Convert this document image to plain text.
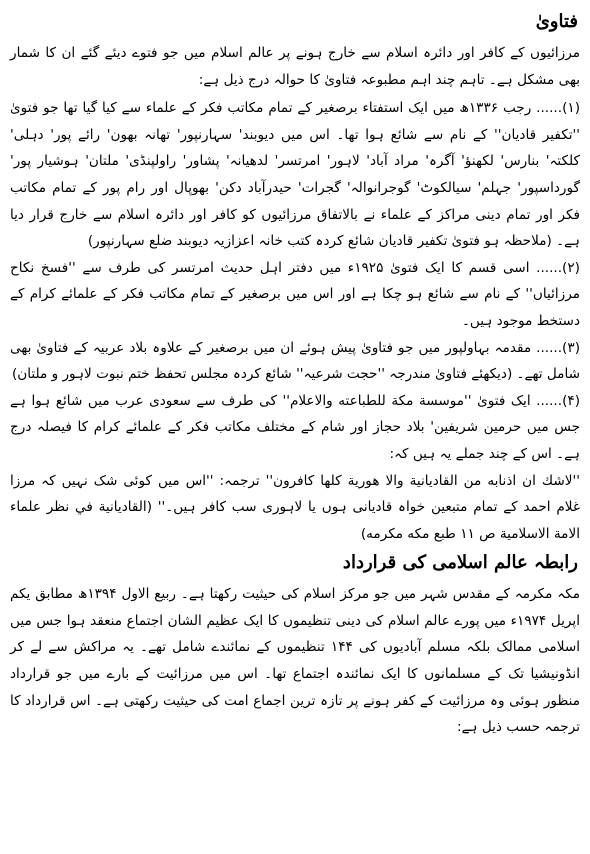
فتاویٰ

مرزائیوں کے کافر اور دائرہ اسلام سے خارج ہونے پر عالم اسلام میں جو فتوے دیئے گئے ان کا شمار بھی مشکل ہے۔ تاہم چند اہم مطبوعہ فتاویٰ کا حوالہ درج ذیل ہے:

(۱)...... رجب ۱۳۳۶ھ میں ایک استفتاء برصغیر کے تمام مکاتب فکر کے علماء سے کیا گیا تھا جو فتویٰ ''تکفیر قادیان'' کے نام سے شائع ہوا تھا۔ اس میں دیوبند' سہارنپور' تھانہ بھون' رائے پور' دہلی' کلکتہ' بنارس' لکھنؤ' آگرہ' مراد آباد' لاہور' امرتسر' لدھیانہ' پشاور' راولپنڈی' ملتان' ہوشیار پور' گورداسپور' جہلم' سیالکوٹ' گوجرانوالہ' گجرات' حیدرآباد دکن' بھوپال اور رام پور کے تمام مکاتب فکر اور تمام دینی مراکز کے علماء نے بالاتفاق مرزائیوں کو کافر اور دائرہ اسلام سے خارج قرار دیا ہے۔ (ملاحظہ ہو فتویٰ تکفیر قادیان شائع کردہ کتب خانہ اعزازیہ دیوبند ضلع سہارنپور)

(۲)...... اسی قسم کا ایک فتویٰ ۱۹۲۵ء میں دفتر اہل حدیث امرتسر کی طرف سے ''فسخ نکاح مرزائیاں'' کے نام سے شائع ہو چکا ہے اور اس میں برصغیر کے تمام مکاتب فکر کے علمائے کرام کے دستخط موجود ہیں۔

(۳)...... مقدمہ بہاولپور میں جو فتاویٰ پیش ہوئے ان میں برصغیر کے علاوہ بلاد عربیہ کے فتاویٰ بھی شامل تھے۔ (دیکھئے فتاویٰ مندرجہ ''حجت شرعیہ'' شائع کردہ مجلس تحفظ ختم نبوت لاہور و ملتان)

(۴)...... ایک فتویٰ ''موسسة مكة للطباعته والاعلام'' کی طرف سے سعودی عرب میں شائع ہوا ہے جس میں حرمین شریفین' بلاد حجاز اور شام کے مختلف مکاتب فکر کے علمائے کرام کا فیصلہ درج ہے۔ اس کے چند جملے یہ ہیں کہ:

''لاشك ان اذنابه من القاديانية والا هورية كلها كافرون'' ترجمہ: ''اس میں کوئی شک نہیں کہ مرزا غلام احمد کے تمام متبعین خواہ قادیانی ہوں یا لاہوری سب کافر ہیں۔'' (القاديانية في نظر علماء الامة الاسلامية ص ۱۱ طبع مكه مكرمه)

رابطہ عالم اسلامی کی قرارداد

مکہ مکرمہ کے مقدس شہر میں جو مرکز اسلام کی حیثیت رکھتا ہے۔ ربیع الاول ۱۳۹۴ھ مطابق یکم اپریل ۱۹۷۴ء میں پورے عالم اسلام کی دینی تنظیموں کا ایک عظیم الشان اجتماع منعقد ہوا جس میں اسلامی ممالک بلکہ مسلم آبادیوں کی ۱۴۴ تنظیموں کے نمائندے شامل تھے۔ یہ مراکش سے لے کر انڈونیشیا تک کے مسلمانوں کا ایک نمائندہ اجتماع تھا۔ اس میں مرزائیت کے بارے میں جو قرارداد منظور ہوئی وہ مرزائیت کے کفر ہونے پر تازہ ترین اجماع امت کی حیثیت رکھتی ہے۔ اس قرارداد کا ترجمہ حسب ذیل ہے:
